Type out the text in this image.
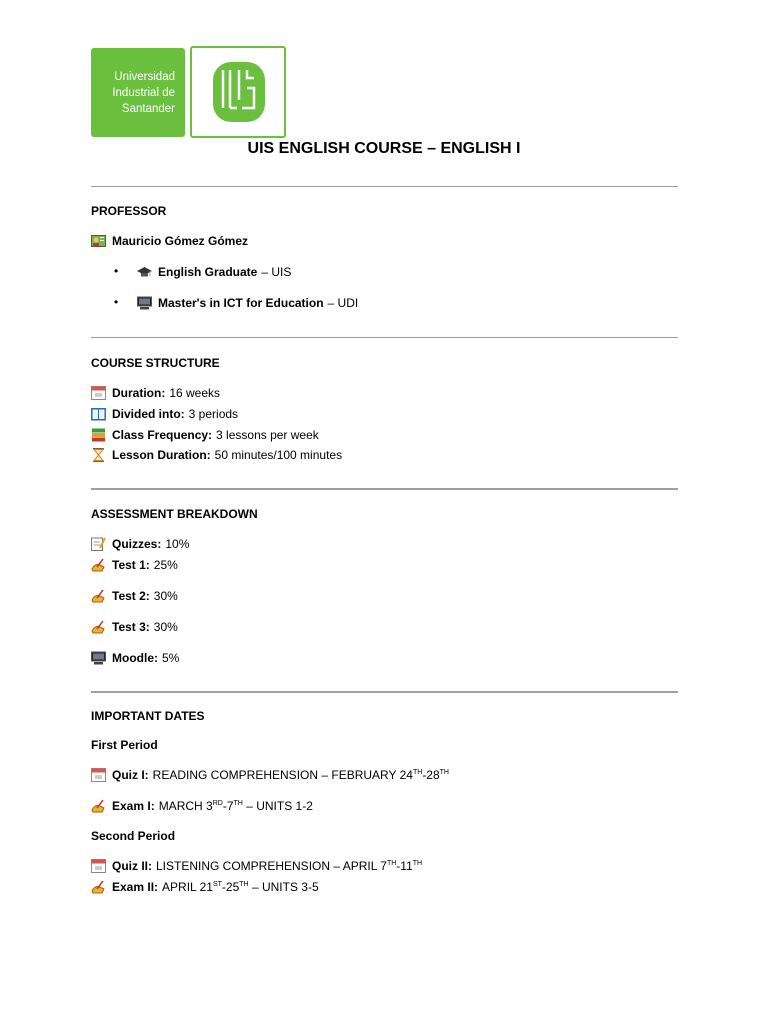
Universidad
Industrial de
Santander
UIS ENGLISH COURSE – ENGLISH I
PROFESSOR
Mauricio Gómez Gómez
•	English Graduate – UIS
•	Master's in ICT for Education – UDI
COURSE STRUCTURE
Duration: 16 weeks
Divided into: 3 periods
Class Frequency: 3 lessons per week
Lesson Duration: 50 minutes/100 minutes
ASSESSMENT BREAKDOWN
Quizzes: 10%
Test 1: 25%
Test 2: 30%
Test 3: 30%
Moodle: 5%
IMPORTANT DATES
First Period
Quiz I: READING COMPREHENSION – FEBRUARY 24TH-28TH
Exam I: MARCH 3RD-7TH – UNITS 1-2
Second Period
Quiz II: LISTENING COMPREHENSION – APRIL 7TH-11TH
Exam II: APRIL 21ST-25TH – UNITS 3-5
